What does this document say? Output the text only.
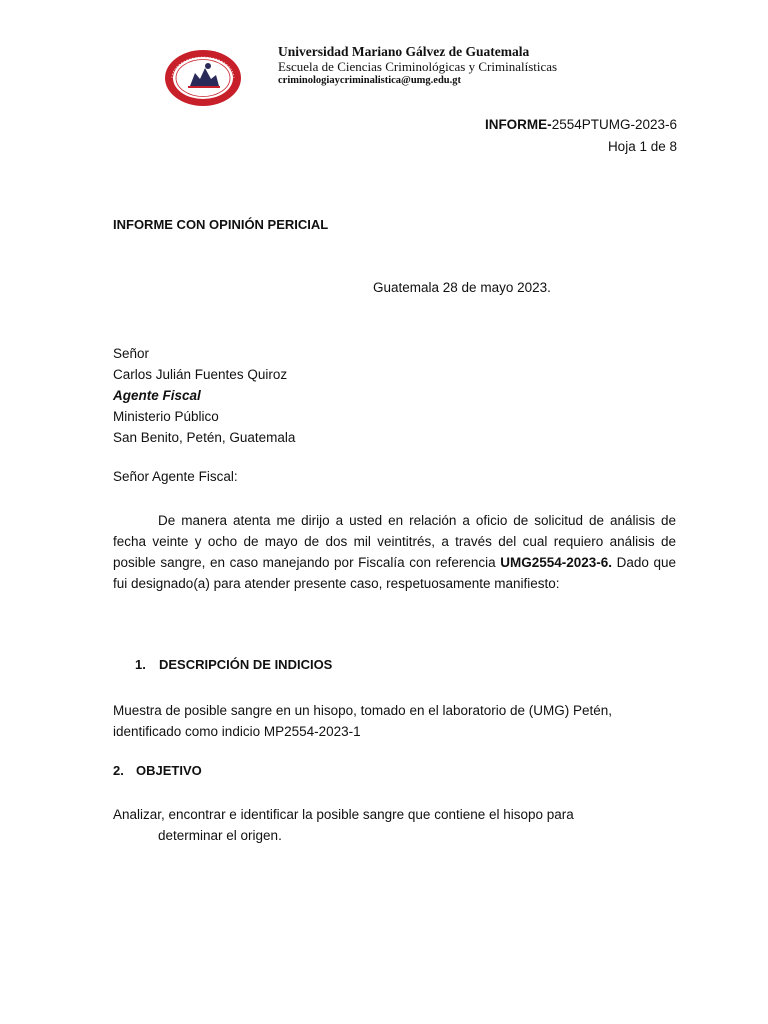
Universidad Mariano Gálvez de Guatemala
Escuela de Ciencias Criminológicas y Criminalísticas
criminologiaycriminalistica@umg.edu.gt
INFORME-2554PTUMG-2023-6
Hoja 1 de 8
INFORME CON OPINIÓN PERICIAL
Guatemala 28 de mayo 2023.
Señor
Carlos Julián Fuentes Quiroz
Agente Fiscal
Ministerio Público
San Benito, Petén, Guatemala
Señor Agente Fiscal:
De manera atenta me dirijo a usted en relación a oficio de solicitud de análisis de fecha veinte y ocho de mayo de dos mil veintitrés, a través del cual requiero análisis de posible sangre, en caso manejando por Fiscalía con referencia UMG2554-2023-6. Dado que fui designado(a) para atender presente caso, respetuosamente manifiesto:
1. DESCRIPCIÓN DE INDICIOS
Muestra de posible sangre en un hisopo, tomado en el laboratorio de (UMG) Petén, identificado como indicio MP2554-2023-1
2. OBJETIVO
Analizar, encontrar e identificar la posible sangre que contiene el hisopo para
determinar el origen.
